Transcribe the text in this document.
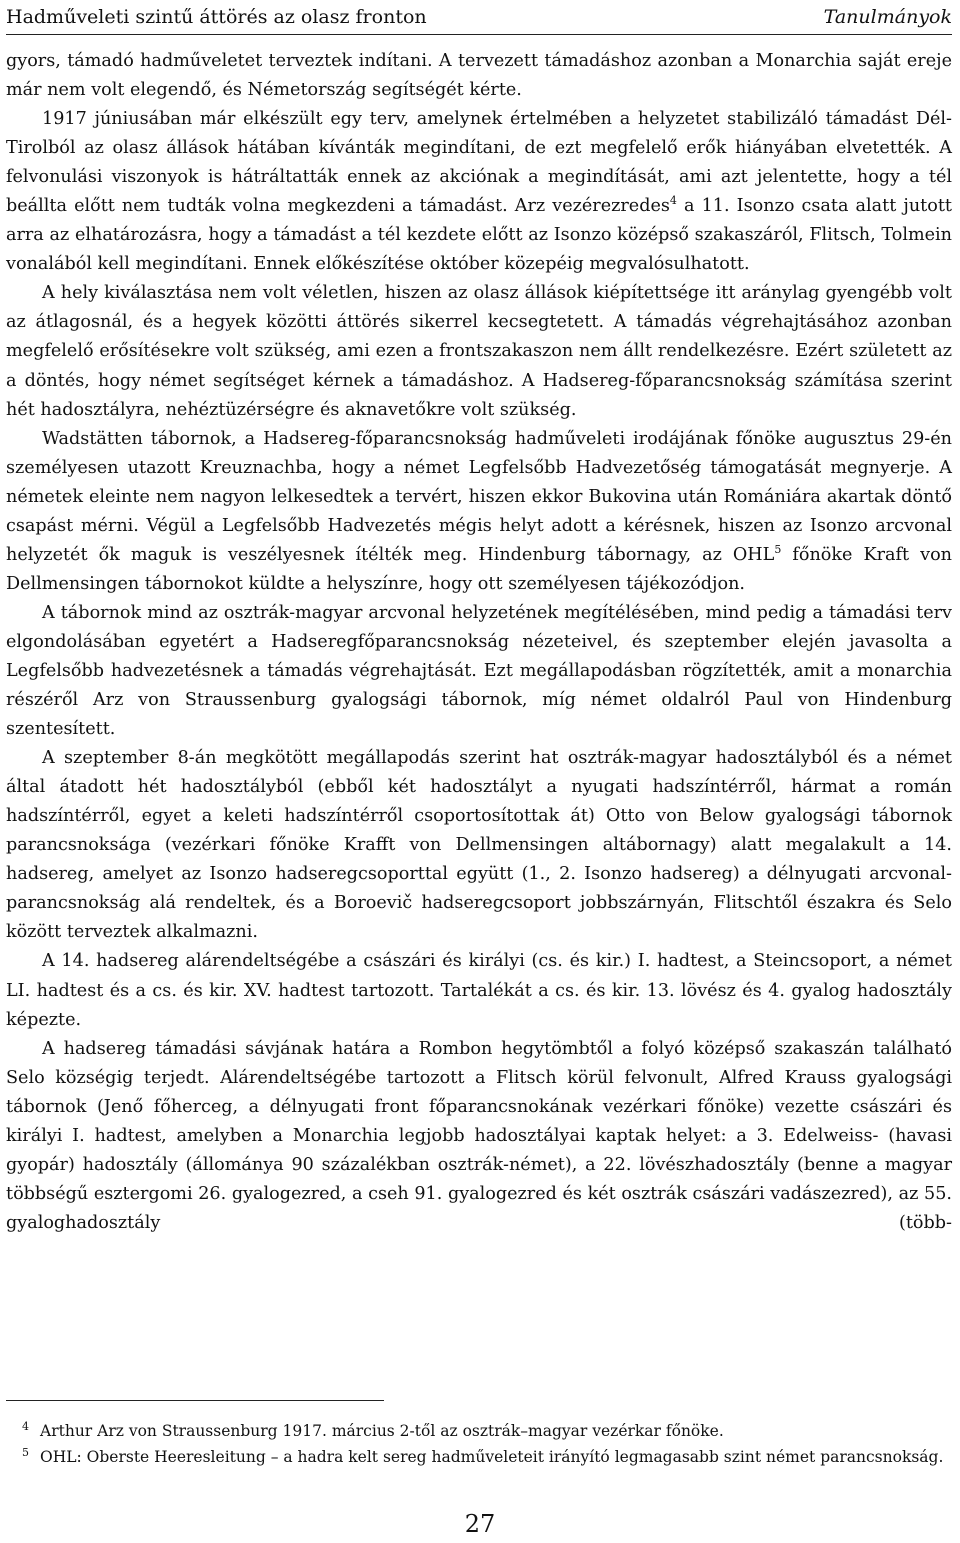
Hadműveleti szintű áttörés az olasz fronton	Tanulmányok

gyors, támadó hadműveletet terveztek indítani. A tervezett támadáshoz azonban a Monarchia saját ereje már nem volt elegendő, és Németország segítségét kérte.

1917 júniusában már elkészült egy terv, amelynek értelmében a helyzetet stabilizáló támadást Dél-Tirolból az olasz állások hátában kívánták megindítani, de ezt megfelelő erők hiányában elvetették. A felvonulási viszonyok is hátráltatták ennek az akciónak a megindítását, ami azt jelentette, hogy a tél beállta előtt nem tudták volna megkezdeni a támadást. Arz vezérezredes$^4$ a 11. Isonzo csata alatt jutott arra az elhatározásra, hogy a támadást a tél kezdete előtt az Isonzo középső szakaszáról, Flitsch, Tolmein vonalából kell megindítani. Ennek előkészítése október közepéig megvalósulhatott.

A hely kiválasztása nem volt véletlen, hiszen az olasz állások kiépítettsége itt aránylag gyengébb volt az átlagosnál, és a hegyek közötti áttörés sikerrel kecsegtetett. A támadás végrehajtásához azonban megfelelő erősítésekre volt szükség, ami ezen a frontszakaszon nem állt rendelkezésre. Ezért született az a döntés, hogy német segítséget kérnek a támadáshoz. A Hadsereg-főparancsnokság számítása szerint hét hadosztályra, nehéztüzérségre és aknavetőkre volt szükség.

Wadstätten tábornok, a Hadsereg-főparancsnokság hadműveleti irodájának főnöke augusztus 29-én személyesen utazott Kreuznachba, hogy a német Legfelsőbb Hadvezetőség támogatását megnyerje. A németek eleinte nem nagyon lelkesedtek a tervért, hiszen ekkor Bukovina után Romániára akartak döntő csapást mérni. Végül a Legfelsőbb Hadvezetés mégis helyt adott a kérésnek, hiszen az Isonzo arcvonal helyzetét ők maguk is veszélyesnek ítélték meg. Hindenburg tábornagy, az OHL$^5$ főnöke Kraft von Dellmensingen tábornokot küldte a helyszínre, hogy ott személyesen tájékozódjon.

A tábornok mind az osztrák-magyar arcvonal helyzetének megítélésében, mind pedig a támadási terv elgondolásában egyetért a Hadseregfőparancsnokság nézeteivel, és szeptember elején javasolta a Legfelsőbb hadvezetésnek a támadás végrehajtását. Ezt megállapodásban rögzítették, amit a monarchia részéről Arz von Straussenburg gyalogsági tábornok, míg német oldalról Paul von Hindenburg szentesített.

A szeptember 8-án megkötött megállapodás szerint hat osztrák-magyar hadosztályból és a német által átadott hét hadosztályból (ebből két hadosztályt a nyugati hadszíntérről, hármat a román hadszíntérről, egyet a keleti hadszíntérről csoportosítottak át) Otto von Below gyalogsági tábornok parancsnoksága (vezérkari főnöke Krafft von Dellmensingen altábornagy) alatt megalakult a 14. hadsereg, amelyet az Isonzo hadseregcsoporttal együtt (1., 2. Isonzo hadsereg) a délnyugati arcvonal-parancsnokság alá rendeltek, és a Boroevič hadseregcsoport jobbszárnyán, Flitschtől északra és Selo között terveztek alkalmazni.

A 14. hadsereg alárendeltségébe a császári és királyi (cs. és kir.) I. hadtest, a Steincsoport, a német LI. hadtest és a cs. és kir. XV. hadtest tartozott. Tartalékát a cs. és kir. 13. lövész és 4. gyalog hadosztály képezte.

A hadsereg támadási sávjának határa a Rombon hegytömbtől a folyó középső szakaszán található Selo községig terjedt. Alárendeltségébe tartozott a Flitsch körül felvonult, Alfred Krauss gyalogsági tábornok (Jenő főherceg, a délnyugati front főparancsnokának vezérkari főnöke) vezette császári és királyi I. hadtest, amelyben a Monarchia legjobb hadosztályai kaptak helyet: a 3. Edelweiss- (havasi gyopár) hadosztály (állománya 90 százalékban osztrák-német), a 22. lövészhadosztály (benne a magyar többségű esztergomi 26. gyalogezred, a cseh 91. gyalogezred és két osztrák császári vadászezred), az 55. gyaloghadosztály (több-

4 Arthur Arz von Straussenburg 1917. március 2-től az osztrák–magyar vezérkar főnöke.
5 OHL: Oberste Heeresleitung – a hadra kelt sereg hadműveleteit irányító legmagasabb szint német parancsnokság.
27
